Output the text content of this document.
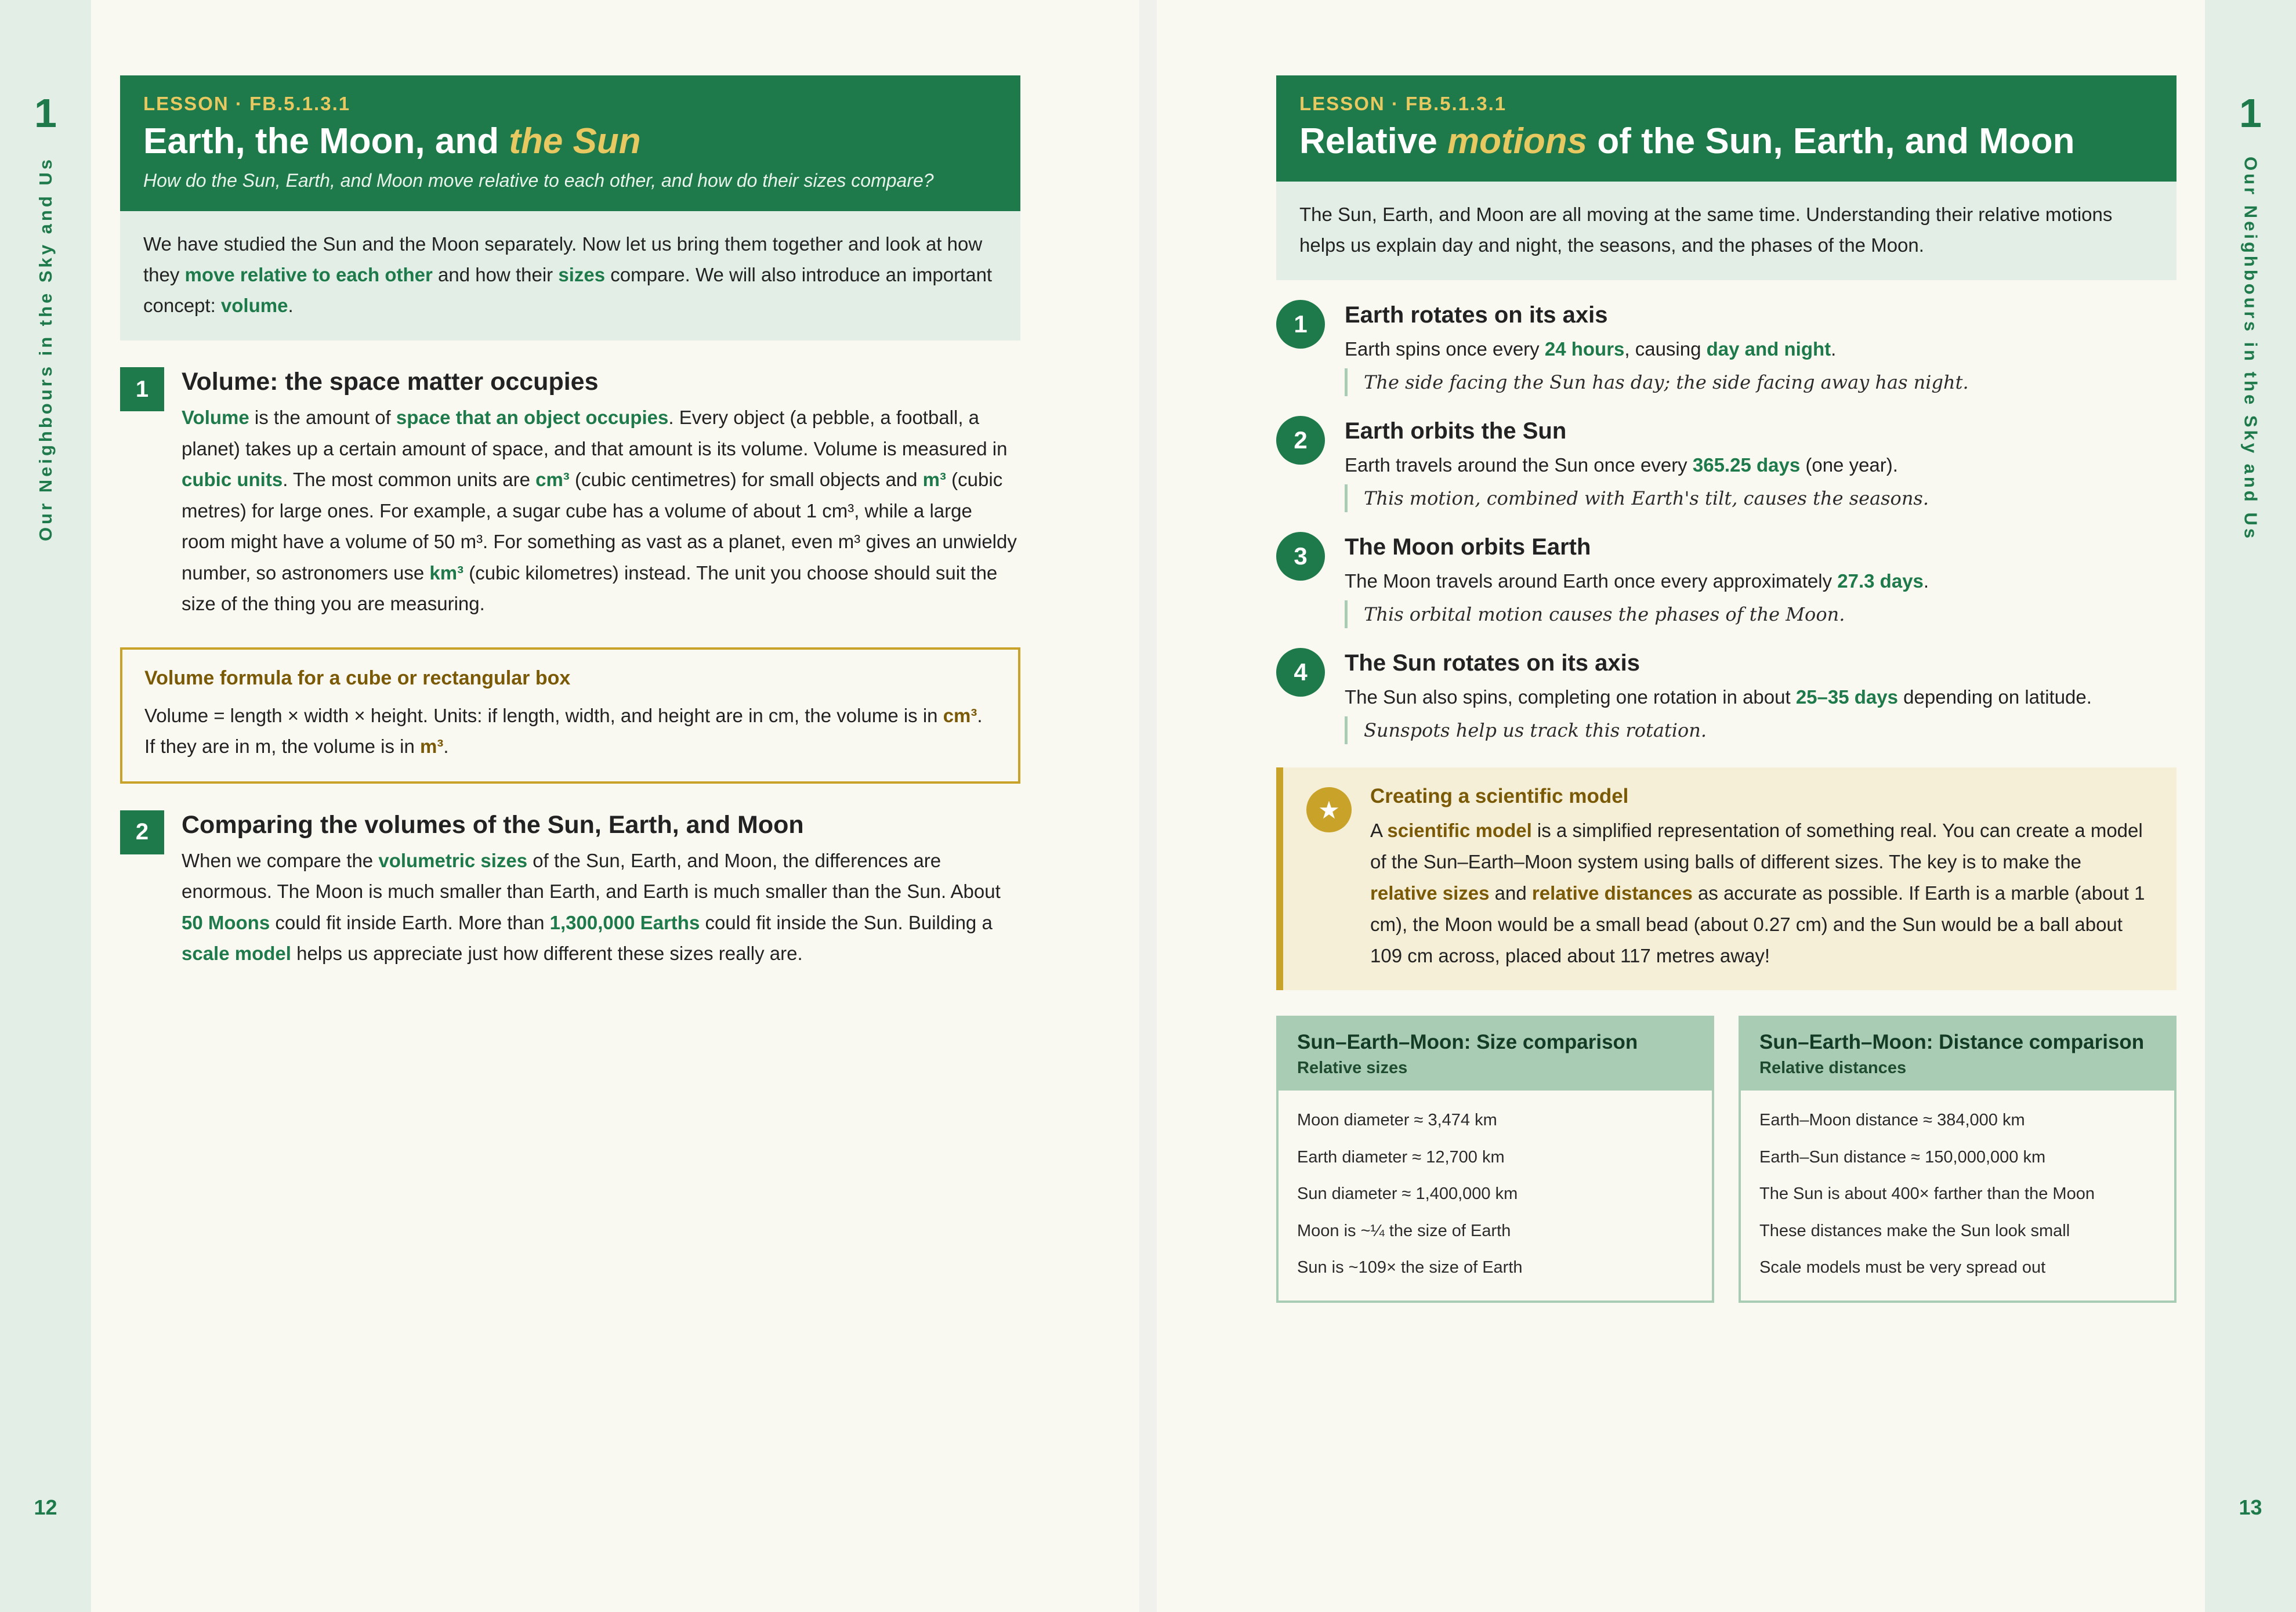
1
Our Neighbours in the Sky and Us
12
LESSON · FB.5.1.3.1
Earth, the Moon, and the Sun
How do the Sun, Earth, and Moon move relative to each other, and how do their sizes compare?
We have studied the Sun and the Moon separately. Now let us bring them together and look at how they move relative to each other and how their sizes compare. We will also introduce an important concept: volume.
1	Volume: the space matter occupies

Volume is the amount of space that an object occupies. Every object (a pebble, a football, a planet) takes up a certain amount of space, and that amount is its volume. Volume is measured in cubic units. The most common units are cm³ (cubic centimetres) for small objects and m³ (cubic metres) for large ones. For example, a sugar cube has a volume of about 1 cm³, while a large room might have a volume of 50 m³. For something as vast as a planet, even m³ gives an unwieldy number, so astronomers use km³ (cubic kilometres) instead. The unit you choose should suit the size of the thing you are measuring.

Volume formula for a cube or rectangular box

Volume = length × width × height. Units: if length, width, and height are in cm, the volume is in cm³. If they are in m, the volume is in m³.

2	Comparing the volumes of the Sun, Earth, and Moon

When we compare the volumetric sizes of the Sun, Earth, and Moon, the differences are enormous. The Moon is much smaller than Earth, and Earth is much smaller than the Sun. About 50 Moons could fit inside Earth. More than 1,300,000 Earths could fit inside the Sun. Building a scale model helps us appreciate just how different these sizes really are.

1
Our Neighbours in the Sky and Us
13
LESSON · FB.5.1.3.1
Relative motions of the Sun, Earth, and Moon
The Sun, Earth, and Moon are all moving at the same time. Understanding their relative motions helps us explain day and night, the seasons, and the phases of the Moon.
1	Earth rotates on its axis

Earth spins once every 24 hours, causing day and night.

The side facing the Sun has day; the side facing away has night.
2	Earth orbits the Sun

Earth travels around the Sun once every 365.25 days (one year).

This motion, combined with Earth's tilt, causes the seasons.
3	The Moon orbits Earth

The Moon travels around Earth once every approximately 27.3 days.

This orbital motion causes the phases of the Moon.
4	The Sun rotates on its axis

The Sun also spins, completing one rotation in about 25–35 days depending on latitude.

Sunspots help us track this rotation.
★	Creating a scientific model

A scientific model is a simplified representation of something real. You can create a model of the Sun–Earth–Moon system using balls of different sizes. The key is to make the relative sizes and relative distances as accurate as possible. If Earth is a marble (about 1 cm), the Moon would be a small bead (about 0.27 cm) and the Sun would be a ball about 109 cm across, placed about 117 metres away!

Sun–Earth–Moon: Size comparison
Relative sizes
Moon diameter ≈ 3,474 km
Earth diameter ≈ 12,700 km
Sun diameter ≈ 1,400,000 km
Moon is ~¼ the size of Earth
Sun is ~109× the size of Earth
Sun–Earth–Moon: Distance comparison
Relative distances
Earth–Moon distance ≈ 384,000 km
Earth–Sun distance ≈ 150,000,000 km
The Sun is about 400× farther than the Moon
These distances make the Sun look small
Scale models must be very spread out
